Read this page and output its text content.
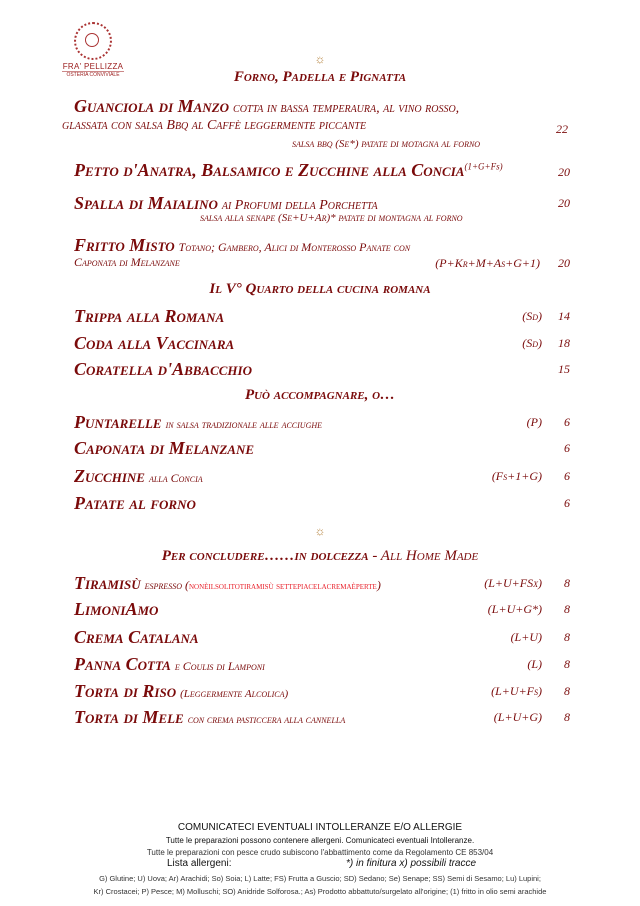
FRA' PELLIZZA
OSTERIA CONVIVIALE
☼
Forno, Padella e Pignatta
Guanciola di Manzo cotta in bassa temperaura, al vino rosso,
glassata con salsa Bbq al Caffè leggermente piccante	22
salsa bbq (Se*) patate di motagna al forno
Petto d'Anatra, Balsamico e Zucchine alla Concia$^{(1+G+Fs)}$	20
Spalla di Maialino ai Profumi della Porchetta	20
salsa alla senape (Se+U+Ar)* patate di montagna al forno
Fritto Misto Totano; Gambero, Alici di Monterosso Panate con
Caponata di Melanzane	(P+Kr+M+As+G+1) 20
Il V° Quarto della cucina romana
Trippa alla Romana	(Sd) 14
Coda alla Vaccinara	(Sd) 18
Coratella d'Abbacchio	15
Può accompagnare, o…
Puntarelle in salsa tradizionale alle acciughe	(P) 6
Caponata di Melanzane	6
Zucchine alla Concia	(Fs+1+G) 6
Patate al forno	6
☼
Per concludere……in dolcezza - All Home Made
Tiramisù espresso (nonèilsolitotiramisù settepiacelacremaèperte)	(L+U+FSx) 8
LimoniAmo	(L+U+G*) 8
Crema Catalana	(L+U) 8
Panna Cotta e Coulis di Lamponi	(L) 8
Torta di Riso (Leggermente Alcolica)	(L+U+Fs) 8
Torta di Mele con crema pasticcera alla cannella	(L+U+G) 8
COMUNICATECI EVENTUALI INTOLLERANZE E/O ALLERGIE
Tutte le preparazioni possono contenere allergeni. Comunicateci eventuali Intolleranze.
Tutte le preparazioni con pesce crudo subiscono l'abbattimento come da Regolamento CE 853/04
Lista allergeni:	*) in finitura x) possibili tracce
G) Glutine; U) Uova; Ar) Arachidi; So) Soia; L) Latte; FS) Frutta a Guscio; SD) Sedano; Se) Senape; SS) Semi di Sesamo; Lu) Lupini;
Kr) Crostacei; P) Pesce; M) Molluschi; SO) Anidride Solforosa.; As) Prodotto abbattuto/surgelato all'origine; (1) fritto in olio semi arachide
